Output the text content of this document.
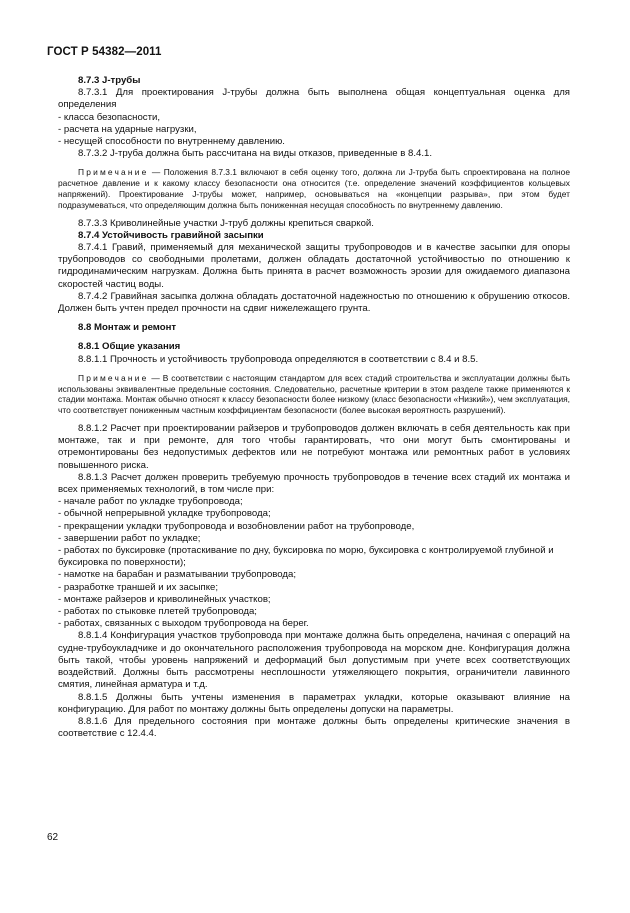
ГОСТ Р 54382—2011

8.7.3 J-трубы

8.7.3.1 Для проектирования J-трубы должна быть выполнена общая концептуальная оценка для определения

- класса безопасности,

- расчета на ударные нагрузки,

- несущей способности по внутреннему давлению.

8.7.3.2 J-труба должна быть рассчитана на виды отказов, приведенные в 8.4.1.

Примечание — Положения 8.7.3.1 включают в себя оценку того, должна ли J-труба быть спроектирована на полное расчетное давление и к какому классу безопасности она относится (т.е. определение значений коэффициентов кольцевых напряжений). Проектирование J-трубы может, например, основываться на «концепции разрыва», при этом будет подразумеваться, что определяющим должна быть пониженная несущая способность по внутреннему давлению.

8.7.3.3 Криволинейные участки J-труб должны крепиться сваркой.

8.7.4 Устойчивость гравийной засыпки

8.7.4.1 Гравий, применяемый для механической защиты трубопроводов и в качестве засыпки для опоры трубопроводов со свободными пролетами, должен обладать достаточной устойчивостью по отношению к гидродинамическим нагрузкам. Должна быть принята в расчет возможность эрозии для ожидаемого диапазона скоростей частиц воды.

8.7.4.2 Гравийная засыпка должна обладать достаточной надежностью по отношению к обрушению откосов. Должен быть учтен предел прочности на сдвиг нижележащего грунта.

8.8 Монтаж и ремонт

8.8.1 Общие указания

8.8.1.1 Прочность и устойчивость трубопровода определяются в соответствии с 8.4 и 8.5.

Примечание — В соответствии с настоящим стандартом для всех стадий строительства и эксплуатации должны быть использованы эквивалентные предельные состояния. Следовательно, расчетные критерии в этом разделе также применяются к стадии монтажа. Монтаж обычно относят к классу безопасности более низкому (класс безопасности «Низкий»), чем эксплуатация, что соответствует пониженным частным коэффициентам безопасности (более высокая вероятность разрушений).

8.8.1.2 Расчет при проектировании райзеров и трубопроводов должен включать в себя деятельность как при монтаже, так и при ремонте, для того чтобы гарантировать, что они могут быть смонтированы и отремонтированы без недопустимых дефектов или не потребуют монтажа или ремонтных работ в условиях повышенного риска.

8.8.1.3 Расчет должен проверить требуемую прочность трубопроводов в течение всех стадий их монтажа и всех применяемых технологий, в том числе при:

- начале работ по укладке трубопровода;

- обычной непрерывной укладке трубопровода;

- прекращении укладки трубопровода и возобновлении работ на трубопроводе,

- завершении работ по укладке;

- работах по буксировке (протаскивание по дну, буксировка по морю, буксировка с контролируемой глубиной и буксировка по поверхности);

- намотке на барабан и разматывании трубопровода;

- разработке траншей и их засыпке;

- монтаже райзеров и криволинейных участков;

- работах по стыковке плетей трубопровода;

- работах, связанных с выходом трубопровода на берег.

8.8.1.4 Конфигурация участков трубопровода при монтаже должна быть определена, начиная с операций на судне-трубоукладчике и до окончательного расположения трубопровода на морском дне. Конфигурация должна быть такой, чтобы уровень напряжений и деформаций был допустимым при учете всех соответствующих воздействий. Должны быть рассмотрены несплошности утяжеляющего покрытия, ограничители лавинного смятия, линейная арматура и т.д.

8.8.1.5 Должны быть учтены изменения в параметрах укладки, которые оказывают влияние на конфигурацию. Для работ по монтажу должны быть определены допуски на параметры.

8.8.1.6 Для предельного состояния при монтаже должны быть определены критические значения в соответствие с 12.4.4.

62
